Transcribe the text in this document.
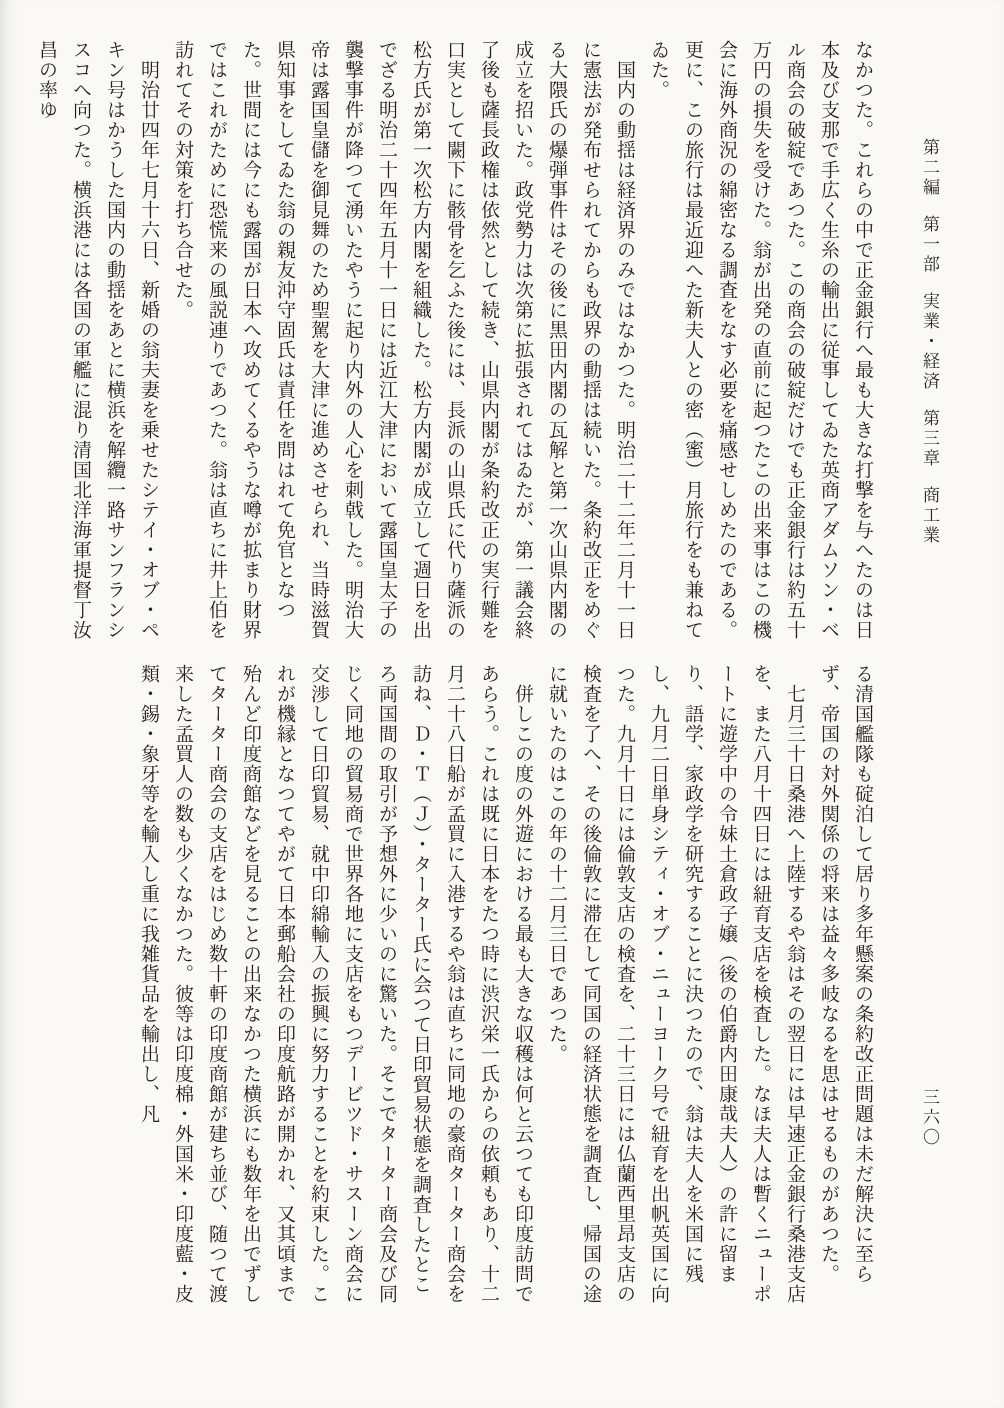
第二編第一部実業・経済第三章商工業

なかつた。これらの中で正金銀行へ最も大きな打撃を与へたのは日本及び支那で手広く生糸の輸出に従事してゐた英商アダムソン・ベル商会の破綻であつた。この商会の破綻だけでも正金銀行は約五十万円の損失を受けた。翁が出発の直前に起つたこの出来事はこの機会に海外商況の綿密なる調査をなす必要を痛感せしめたのである。更に、この旅行は最近迎へた新夫人との密（蜜）月旅行をも兼ねてゐた。

国内の動揺は経済界のみではなかつた。明治二十二年二月十一日に憲法が発布せられてからも政界の動揺は続いた。条約改正をめぐる大隈氏の爆弾事件はその後に黒田内閣の瓦解と第一次山県内閣の成立を招いた。政党勢力は次第に拡張されてはゐたが、第一議会終了後も薩長政権は依然として続き、山県内閣が条約改正の実行難を口実として闕下に骸骨を乞ふた後には、長派の山県氏に代り薩派の松方氏が第一次松方内閣を組織した。松方内閣が成立して週日を出でざる明治二十四年五月十一日には近江大津において露国皇太子の襲撃事件が降つて湧いたやうに起り内外の人心を刺戟した。明治大帝は露国皇儲を御見舞のため聖駕を大津に進めさせられ、当時滋賀県知事をしてゐた翁の親友沖守固氏は責任を問はれて免官となつた。世間には今にも露国が日本へ攻めてくるやうな噂が拡まり財界ではこれがために恐慌来の風説連りであつた。翁は直ちに井上伯を訪れてその対策を打ち合せた。

明治廿四年七月十六日、新婚の翁夫妻を乗せたシテイ・オブ・ペキン号はかうした国内の動揺をあとに横浜を解纜一路サンフランシスコへ向つた。横浜港には各国の軍艦に混り清国北洋海軍提督丁汝昌の率ゆ

る清国艦隊も碇泊して居り多年懸案の条約改正問題は未だ解決に至らず、帝国の対外関係の将来は益々多岐なるを思はせるものがあつた。

七月三十日桑港へ上陸するや翁はその翌日には早速正金銀行桑港支店を、また八月十四日には紐育支店を検査した。なほ夫人は暫くニューポートに遊学中の令妹土倉政子嬢（後の伯爵内田康哉夫人）の許に留まり、語学、家政学を研究することに決つたので、翁は夫人を米国に残し、九月二日単身シティ・オブ・ニューヨーク号で紐育を出帆英国に向つた。九月十日には倫敦支店の検査を、二十三日には仏蘭西里昂支店の検査を了へ、その後倫敦に滞在して同国の経済状態を調査し、帰国の途に就いたのはこの年の十二月三日であつた。

併しこの度の外遊における最も大きな収穫は何と云つても印度訪問であらう。これは既に日本をたつ時に渋沢栄一氏からの依頼もあり、十二月二十八日船が孟買に入港するや翁は直ちに同地の豪商ターター商会を訪ね、Ｄ・Ｔ（Ｊ）・ターター氏に会つて日印貿易状態を調査したところ両国間の取引が予想外に少いのに驚いた。そこでターター商会及び同じく同地の貿易商で世界各地に支店をもつデービツド・サスーン商会に交渉して日印貿易、就中印綿輸入の振興に努力することを約束した。これが機縁となつてやがて日本郵船会社の印度航路が開かれ、又其頃まで殆んど印度商館などを見ることの出来なかつた横浜にも数年を出でずしてターター商会の支店をはじめ数十軒の印度商館が建ち並び、随つて渡来した孟買人の数も少くなかつた。彼等は印度棉・外国米・印度藍・皮類・錫・象牙等を輸入し重に我雑貨品を輸出し、凡	三六〇
